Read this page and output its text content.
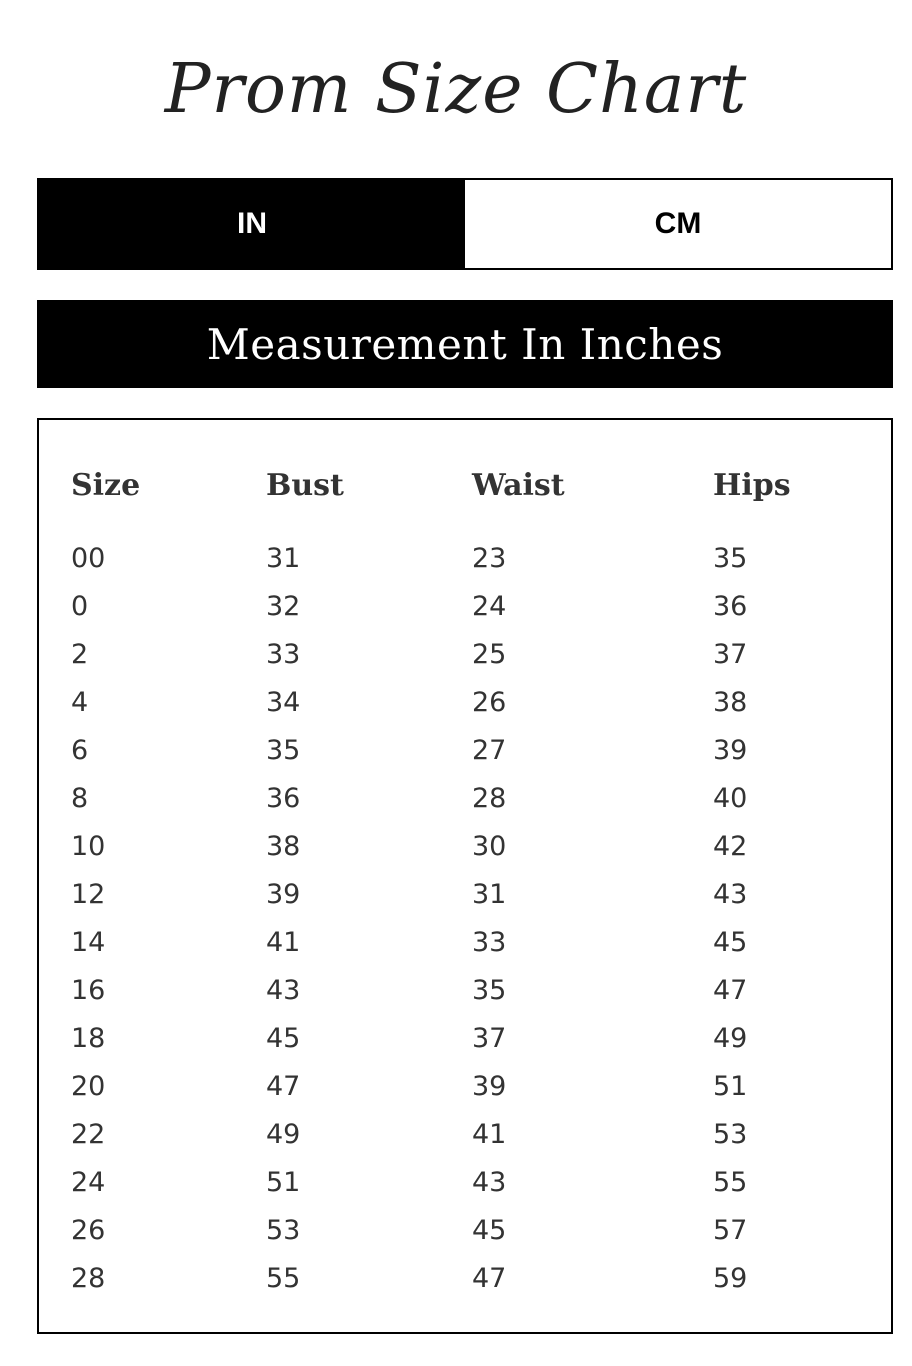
Prom Size Chart
IN	CM
Measurement In Inches
Size	Bust	Waist	Hips
00	31	23	35
0	32	24	36
2	33	25	37
4	34	26	38
6	35	27	39
8	36	28	40
10	38	30	42
12	39	31	43
14	41	33	45
16	43	35	47
18	45	37	49
20	47	39	51
22	49	41	53
24	51	43	55
26	53	45	57
28	55	47	59
